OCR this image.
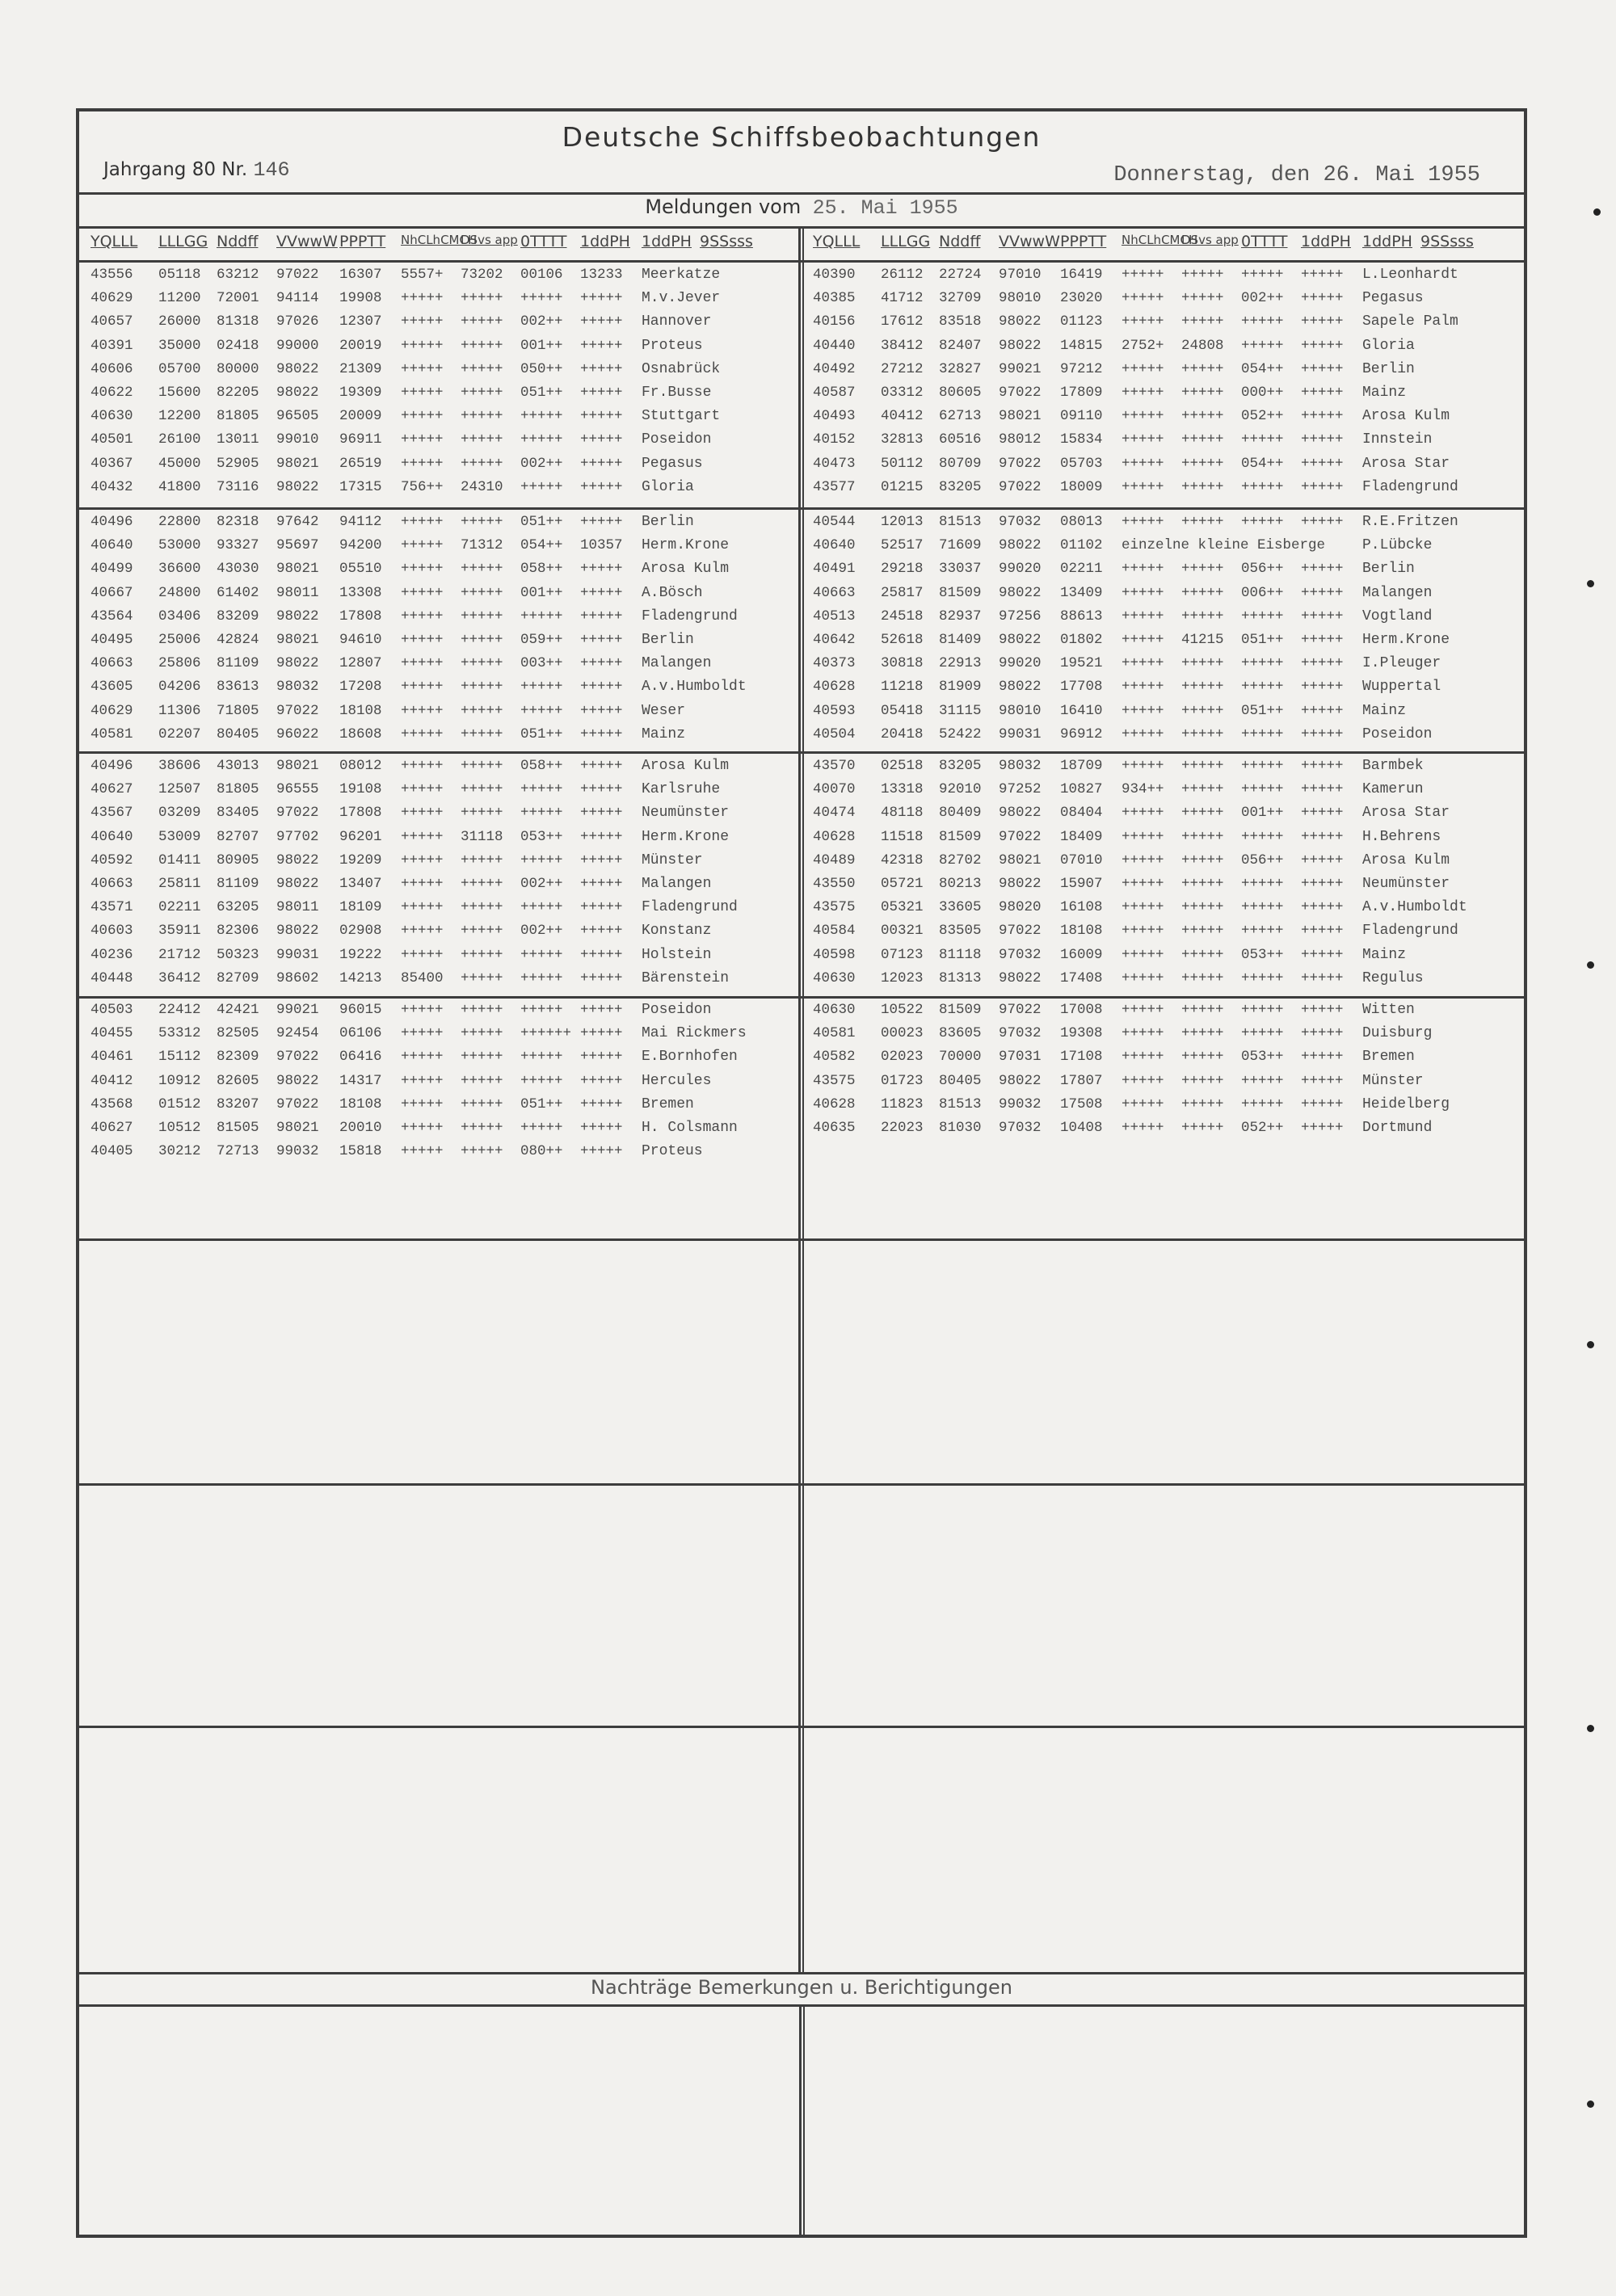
Deutsche Schiffsbeobachtungen
Jahrgang 80 Nr. 146	Donnerstag, den 26. Mai 1955
Meldungen vom 25. Mai 1955
YQLLL LLLGG Nddff VVwwW PPPTT NhCLhCMCH
DSvs app 0TTTT 1ddPH 1ddPH 9SSsss	YQLLL LLLGG Nddff VVwwW PPPTT NhCLhCMCH
DSvs app 0TTTT 1ddPH 1ddPH 9SSsss
43556 05118 63212 97022 16307 5557+ 73202 00106 13233 Meerkatze
40629 11200 72001 94114 19908 +++++ +++++ +++++ +++++ M.v.Jever
40657 26000 81318 97026 12307 +++++ +++++ 002++ +++++ Hannover
40391 35000 02418 99000 20019 +++++ +++++ 001++ +++++ Proteus
40606 05700 80000 98022 21309 +++++ +++++ 050++ +++++ Osnabrück
40622 15600 82205 98022 19309 +++++ +++++ 051++ +++++ Fr.Busse
40630 12200 81805 96505 20009 +++++ +++++ +++++ +++++ Stuttgart
40501 26100 13011 99010 96911 +++++ +++++ +++++ +++++ Poseidon
40367 45000 52905 98021 26519 +++++ +++++ 002++ +++++ Pegasus
40432 41800 73116 98022 17315 756++ 24310 +++++ +++++ Gloria
40496 22800 82318 97642 94112 +++++ +++++ 051++ +++++ Berlin
40640 53000 93327 95697 94200 +++++ 71312 054++ 10357 Herm.Krone
40499 36600 43030 98021 05510 +++++ +++++ 058++ +++++ Arosa Kulm
40667 24800 61402 98011 13308 +++++ +++++ 001++ +++++ A.Bösch
43564 03406 83209 98022 17808 +++++ +++++ +++++ +++++ Fladengrund
40495 25006 42824 98021 94610 +++++ +++++ 059++ +++++ Berlin
40663 25806 81109 98022 12807 +++++ +++++ 003++ +++++ Malangen
43605 04206 83613 98032 17208 +++++ +++++ +++++ +++++ A.v.Humboldt
40629 11306 71805 97022 18108 +++++ +++++ +++++ +++++ Weser
40581 02207 80405 96022 18608 +++++ +++++ 051++ +++++ Mainz
40496 38606 43013 98021 08012 +++++ +++++ 058++ +++++ Arosa Kulm
40627 12507 81805 96555 19108 +++++ +++++ +++++ +++++ Karlsruhe
43567 03209 83405 97022 17808 +++++ +++++ +++++ +++++ Neumünster
40640 53009 82707 97702 96201 +++++ 31118 053++ +++++ Herm.Krone
40592 01411 80905 98022 19209 +++++ +++++ +++++ +++++ Münster
40663 25811 81109 98022 13407 +++++ +++++ 002++ +++++ Malangen
43571 02211 63205 98011 18109 +++++ +++++ +++++ +++++ Fladengrund
40603 35911 82306 98022 02908 +++++ +++++ 002++ +++++ Konstanz
40236 21712 50323 99031 19222 +++++ +++++ +++++ +++++ Holstein
40448 36412 82709 98602 14213 85400 +++++ +++++ +++++ Bärenstein
40503 22412 42421 99021 96015 +++++ +++++ +++++ +++++ Poseidon
40455 53312 82505 92454 06106 +++++ +++++ ++++++ +++++ Mai Rickmers
40461 15112 82309 97022 06416 +++++ +++++ +++++ +++++ E.Bornhofen
40412 10912 82605 98022 14317 +++++ +++++ +++++ +++++ Hercules
43568 01512 83207 97022 18108 +++++ +++++ 051++ +++++ Bremen
40627 10512 81505 98021 20010 +++++ +++++ +++++ +++++ H. Colsmann
40405 30212 72713 99032 15818 +++++ +++++ 080++ +++++ Proteus
40390 26112 22724 97010 16419 +++++ +++++ +++++ +++++ L.Leonhardt
40385 41712 32709 98010 23020 +++++ +++++ 002++ +++++ Pegasus
40156 17612 83518 98022 01123 +++++ +++++ +++++ +++++ Sapele Palm
40440 38412 82407 98022 14815 2752+ 24808 +++++ +++++ Gloria
40492 27212 32827 99021 97212 +++++ +++++ 054++ +++++ Berlin
40587 03312 80605 97022 17809 +++++ +++++ 000++ +++++ Mainz
40493 40412 62713 98021 09110 +++++ +++++ 052++ +++++ Arosa Kulm
40152 32813 60516 98012 15834 +++++ +++++ +++++ +++++ Innstein
40473 50112 80709 97022 05703 +++++ +++++ 054++ +++++ Arosa Star
43577 01215 83205 97022 18009 +++++ +++++ +++++ +++++ Fladengrund
40544 12013 81513 97032 08013 +++++ +++++ +++++ +++++ R.E.Fritzen
40640 52517 71609 98022 01102 einzelne kleine Eisberge	P.Lübcke
40491 29218 33037 99020 02211 +++++ +++++ 056++ +++++ Berlin
40663 25817 81509 98022 13409 +++++ +++++ 006++ +++++ Malangen
40513 24518 82937 97256 88613 +++++ +++++ +++++ +++++ Vogtland
40642 52618 81409 98022 01802 +++++ 41215 051++ +++++ Herm.Krone
40373 30818 22913 99020 19521 +++++ +++++ +++++ +++++ I.Pleuger
40628 11218 81909 98022 17708 +++++ +++++ +++++ +++++ Wuppertal
40593 05418 31115 98010 16410 +++++ +++++ 051++ +++++ Mainz
40504 20418 52422 99031 96912 +++++ +++++ +++++ +++++ Poseidon
43570 02518 83205 98032 18709 +++++ +++++ +++++ +++++ Barmbek
40070 13318 92010 97252 10827 934++ +++++ +++++ +++++ Kamerun
40474 48118 80409 98022 08404 +++++ +++++ 001++ +++++ Arosa Star
40628 11518 81509 97022 18409 +++++ +++++ +++++ +++++ H.Behrens
40489 42318 82702 98021 07010 +++++ +++++ 056++ +++++ Arosa Kulm
43550 05721 80213 98022 15907 +++++ +++++ +++++ +++++ Neumünster
43575 05321 33605 98020 16108 +++++ +++++ +++++ +++++ A.v.Humboldt
40584 00321 83505 97022 18108 +++++ +++++ +++++ +++++ Fladengrund
40598 07123 81118 97032 16009 +++++ +++++ 053++ +++++ Mainz
40630 12023 81313 98022 17408 +++++ +++++ +++++ +++++ Regulus
40630 10522 81509 97022 17008 +++++ +++++ +++++ +++++ Witten
40581 00023 83605 97032 19308 +++++ +++++ +++++ +++++ Duisburg
40582 02023 70000 97031 17108 +++++ +++++ 053++ +++++ Bremen
43575 01723 80405 98022 17807 +++++ +++++ +++++ +++++ Münster
40628 11823 81513 99032 17508 +++++ +++++ +++++ +++++ Heidelberg
40635 22023 81030 97032 10408 +++++ +++++ 052++ +++++ Dortmund
Nachträge Bemerkungen u. Berichtigungen
